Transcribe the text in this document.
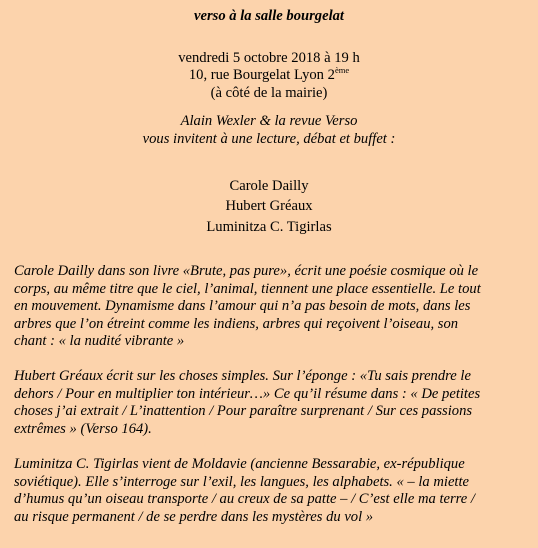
verso à la salle bourgelat

vendredi 5 octobre 2018 à 19 h

10, rue Bourgelat Lyon 2ème

(à côté de la mairie)

Alain Wexler & la revue Verso

vous invitent à une lecture, débat et buffet :

Carole Dailly

Hubert Gréaux

Luminitza C. Tigirlas

Carole Dailly dans son livre «Brute, pas pure», écrit une poésie cosmique où le
corps, au même titre que le ciel, l’animal, tiennent une place essentielle. Le tout
en mouvement. Dynamisme dans l’amour qui n’a pas besoin de mots, dans les
arbres que l’on étreint comme les indiens, arbres qui reçoivent l’oiseau, son
chant : « la nudité vibrante »
Hubert Gréaux écrit sur les choses simples. Sur l’éponge : «Tu sais prendre le
dehors / Pour en multiplier ton intérieur…» Ce qu’il résume dans : « De petites
choses j’ai extrait / L’inattention / Pour paraître surprenant / Sur ces passions
extrêmes » (Verso 164).
Luminitza C. Tigirlas vient de Moldavie (ancienne Bessarabie, ex-république
soviétique). Elle s’interroge sur l’exil, les langues, les alphabets. « – la miette
d’humus qu’un oiseau transporte / au creux de sa patte – / C’est elle ma terre /
au risque permanent / de se perdre dans les mystères du vol »
